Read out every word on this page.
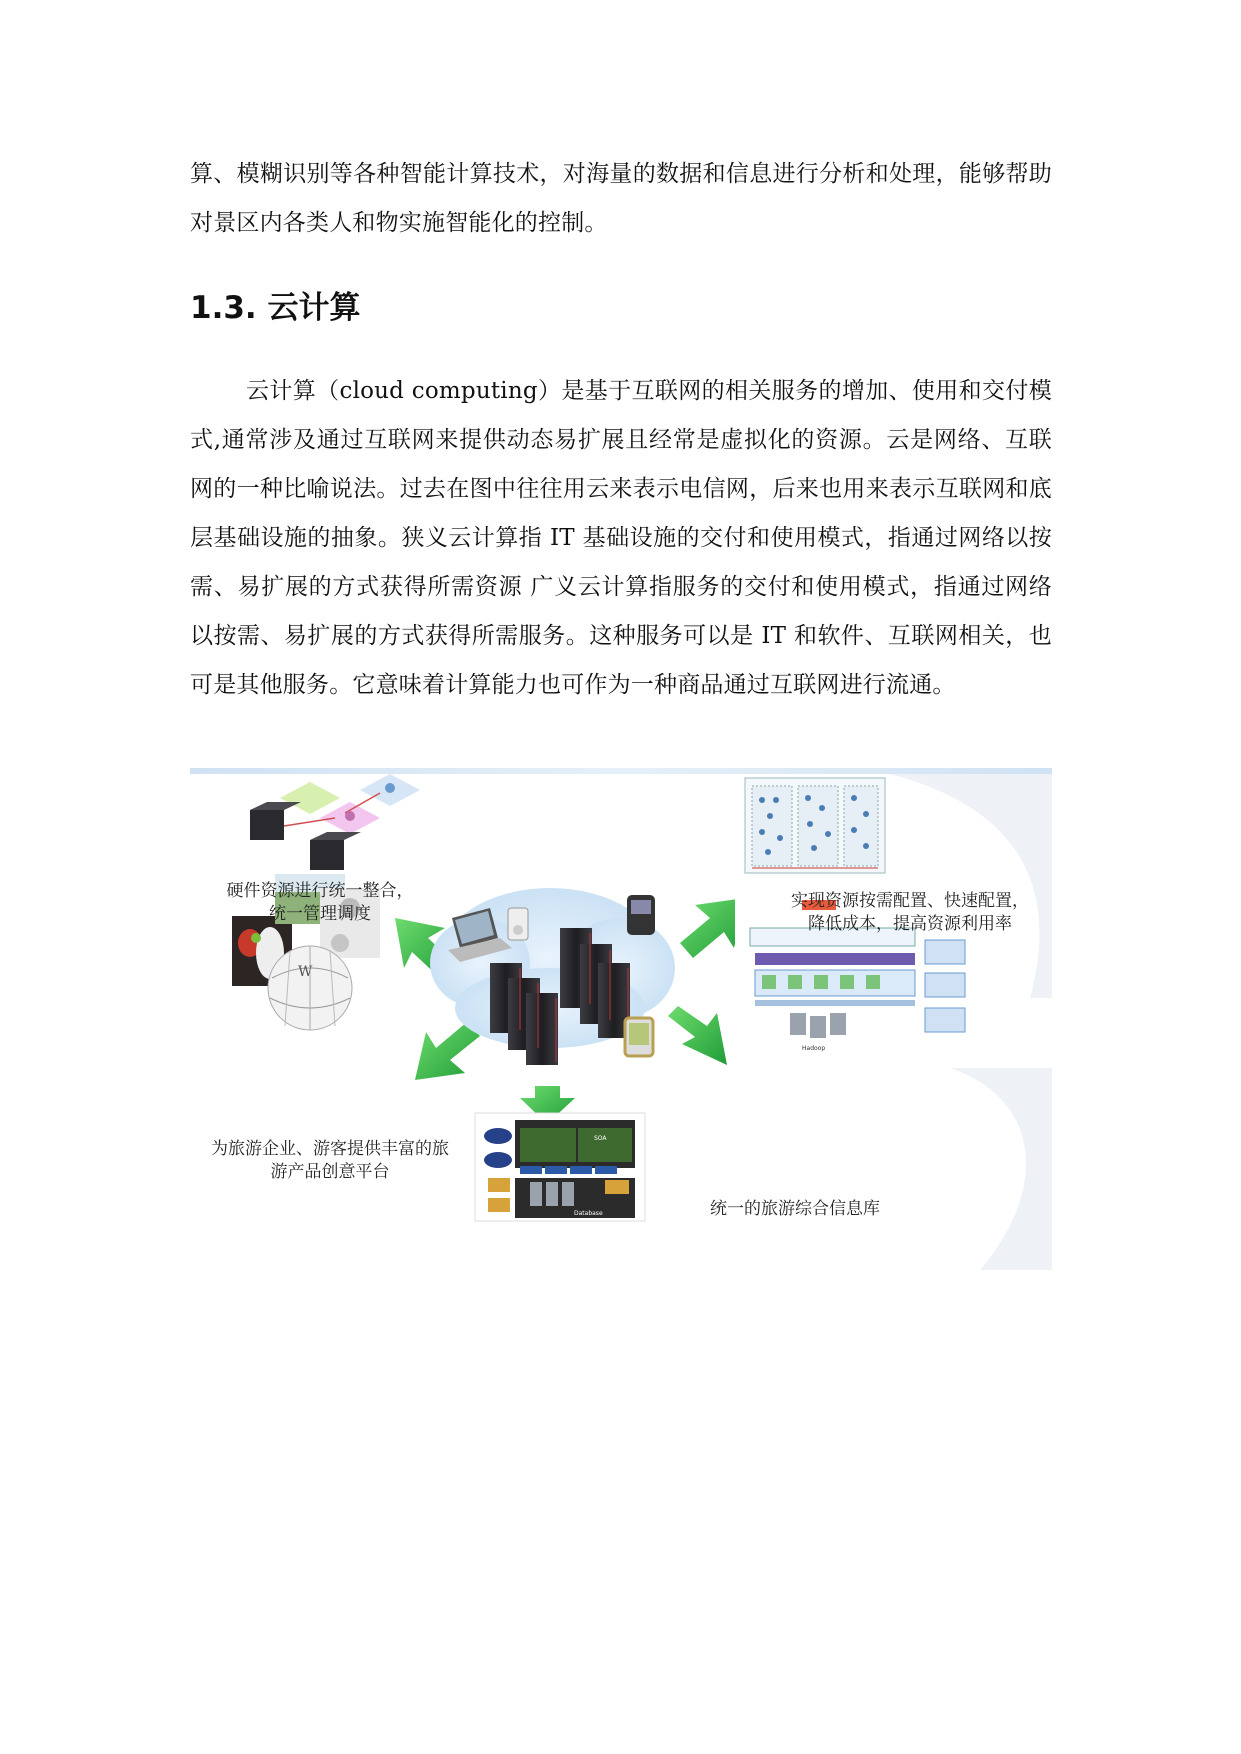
算、模糊识别等各种智能计算技术，对海量的数据和信息进行分析和处理，能够帮助对景区内各类人和物实施智能化的控制。

1.3. 云计算

云计算（cloud computing）是基于互联网的相关服务的增加、使用和交付模式,通常涉及通过互联网来提供动态易扩展且经常是虚拟化的资源。云是网络、互联网的一种比喻说法。过去在图中往往用云来表示电信网，后来也用来表示互联网和底层基础设施的抽象。狭义云计算指 IT 基础设施的交付和使用模式，指通过网络以按需、易扩展的方式获得所需资源 广义云计算指服务的交付和使用模式，指通过网络以按需、易扩展的方式获得所需服务。这种服务可以是 IT 和软件、互联网相关，也可是其他服务。它意味着计算能力也可作为一种商品通过互联网进行流通。

Hadoop
W
SOA
Database
硬件资源进行统一整合，统一管理调度
实现资源按需配置、快速配置，降低成本，提高资源利用率
为旅游企业、游客提供丰富的旅游产品创意平台
统一的旅游综合信息库
